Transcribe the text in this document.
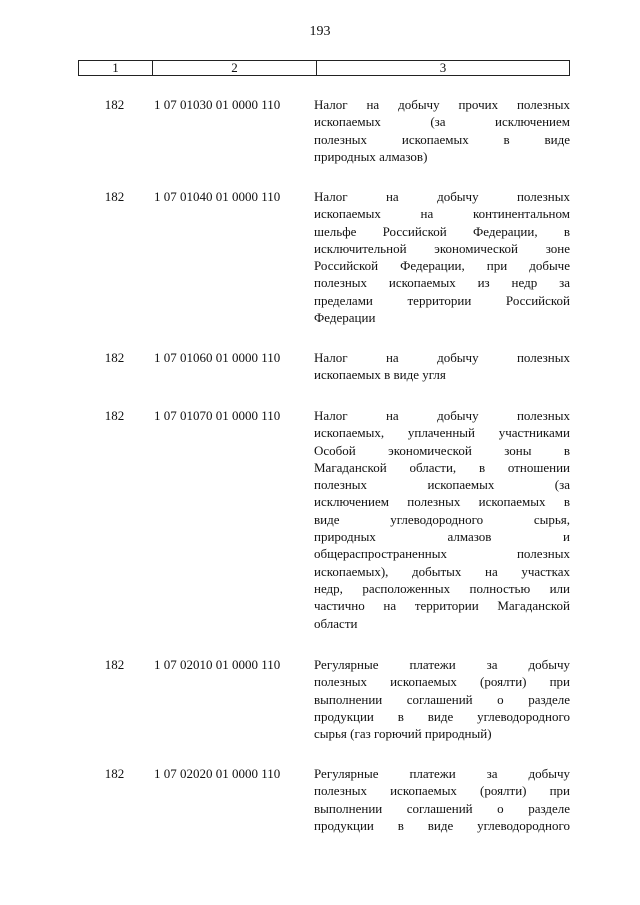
193
1	2	3
182	1 07 01030 01 0000 110	Налог на добычу прочих полезных
ископаемых (за исключением
полезных ископаемых в виде
природных алмазов)
182	1 07 01040 01 0000 110	Налог на добычу полезных
ископаемых на континентальном
шельфе Российской Федерации, в
исключительной экономической зоне
Российской Федерации, при добыче
полезных ископаемых из недр за
пределами территории Российской
Федерации
182	1 07 01060 01 0000 110	Налог на добычу полезных
ископаемых в виде угля
182	1 07 01070 01 0000 110	Налог на добычу полезных
ископаемых, уплаченный участниками
Особой экономической зоны в
Магаданской области, в отношении
полезных ископаемых (за
исключением полезных ископаемых в
виде углеводородного сырья,
природных алмазов и
общераспространенных полезных
ископаемых), добытых на участках
недр, расположенных полностью или
частично на территории Магаданской
области
182	1 07 02010 01 0000 110	Регулярные платежи за добычу
полезных ископаемых (роялти) при
выполнении соглашений о разделе
продукции в виде углеводородного
сырья (газ горючий природный)
182	1 07 02020 01 0000 110	Регулярные платежи за добычу
полезных ископаемых (роялти) при
выполнении соглашений о разделе
продукции в виде углеводородного
